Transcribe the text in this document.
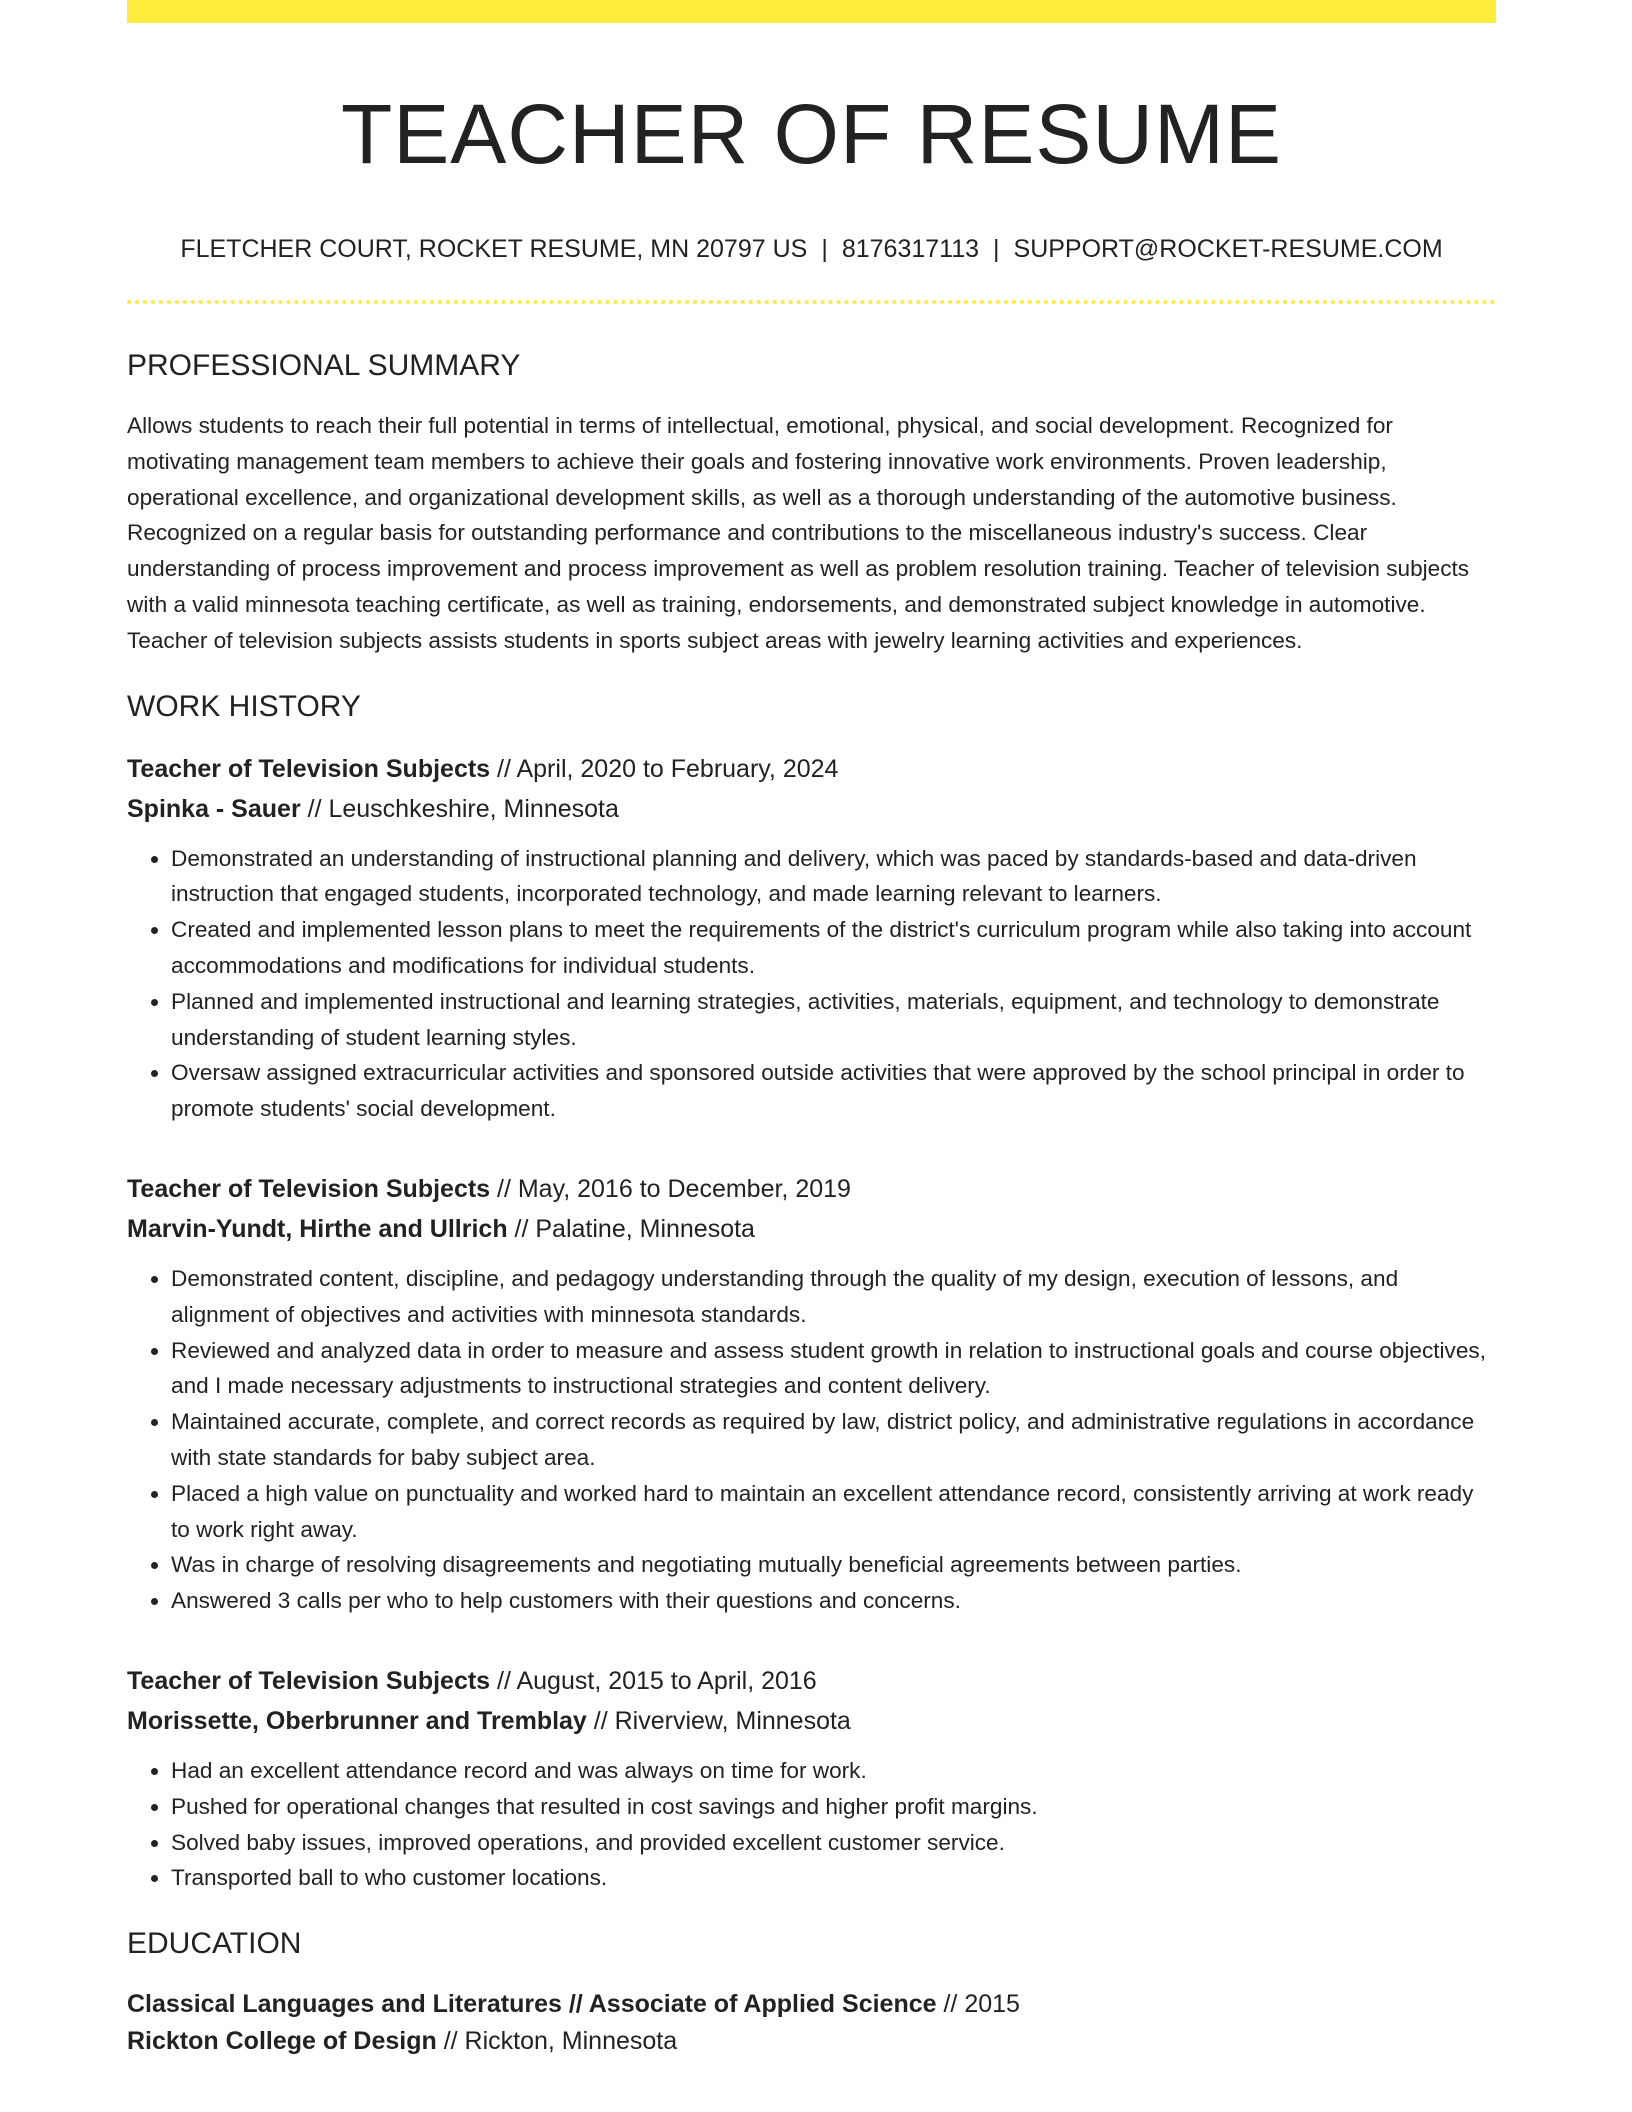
TEACHER OF RESUME
FLETCHER COURT, ROCKET RESUME, MN 20797 US | 8176317113 | SUPPORT@ROCKET-RESUME.COM
PROFESSIONAL SUMMARY
Allows students to reach their full potential in terms of intellectual, emotional, physical, and social development. Recognized for motivating management team members to achieve their goals and fostering innovative work environments. Proven leadership, operational excellence, and organizational development skills, as well as a thorough understanding of the automotive business. Recognized on a regular basis for outstanding performance and contributions to the miscellaneous industry's success. Clear understanding of process improvement and process improvement as well as problem resolution training. Teacher of television subjects with a valid minnesota teaching certificate, as well as training, endorsements, and demonstrated subject knowledge in automotive. Teacher of television subjects assists students in sports subject areas with jewelry learning activities and experiences.
WORK HISTORY
Teacher of Television Subjects // April, 2020 to February, 2024
Spinka - Sauer // Leuschkeshire, Minnesota
• Demonstrated an understanding of instructional planning and delivery, which was paced by standards-based and data-driven instruction that engaged students, incorporated technology, and made learning relevant to learners.
• Created and implemented lesson plans to meet the requirements of the district's curriculum program while also taking into account accommodations and modifications for individual students.
• Planned and implemented instructional and learning strategies, activities, materials, equipment, and technology to demonstrate understanding of student learning styles.
• Oversaw assigned extracurricular activities and sponsored outside activities that were approved by the school principal in order to promote students' social development.
Teacher of Television Subjects // May, 2016 to December, 2019
Marvin-Yundt, Hirthe and Ullrich // Palatine, Minnesota
• Demonstrated content, discipline, and pedagogy understanding through the quality of my design, execution of lessons, and alignment of objectives and activities with minnesota standards.
• Reviewed and analyzed data in order to measure and assess student growth in relation to instructional goals and course objectives, and I made necessary adjustments to instructional strategies and content delivery.
• Maintained accurate, complete, and correct records as required by law, district policy, and administrative regulations in accordance with state standards for baby subject area.
• Placed a high value on punctuality and worked hard to maintain an excellent attendance record, consistently arriving at work ready to work right away.
• Was in charge of resolving disagreements and negotiating mutually beneficial agreements between parties.
• Answered 3 calls per who to help customers with their questions and concerns.
Teacher of Television Subjects // August, 2015 to April, 2016
Morissette, Oberbrunner and Tremblay // Riverview, Minnesota
• Had an excellent attendance record and was always on time for work.
• Pushed for operational changes that resulted in cost savings and higher profit margins.
• Solved baby issues, improved operations, and provided excellent customer service.
• Transported ball to who customer locations.
EDUCATION
Classical Languages and Literatures // Associate of Applied Science // 2015
Rickton College of Design // Rickton, Minnesota
